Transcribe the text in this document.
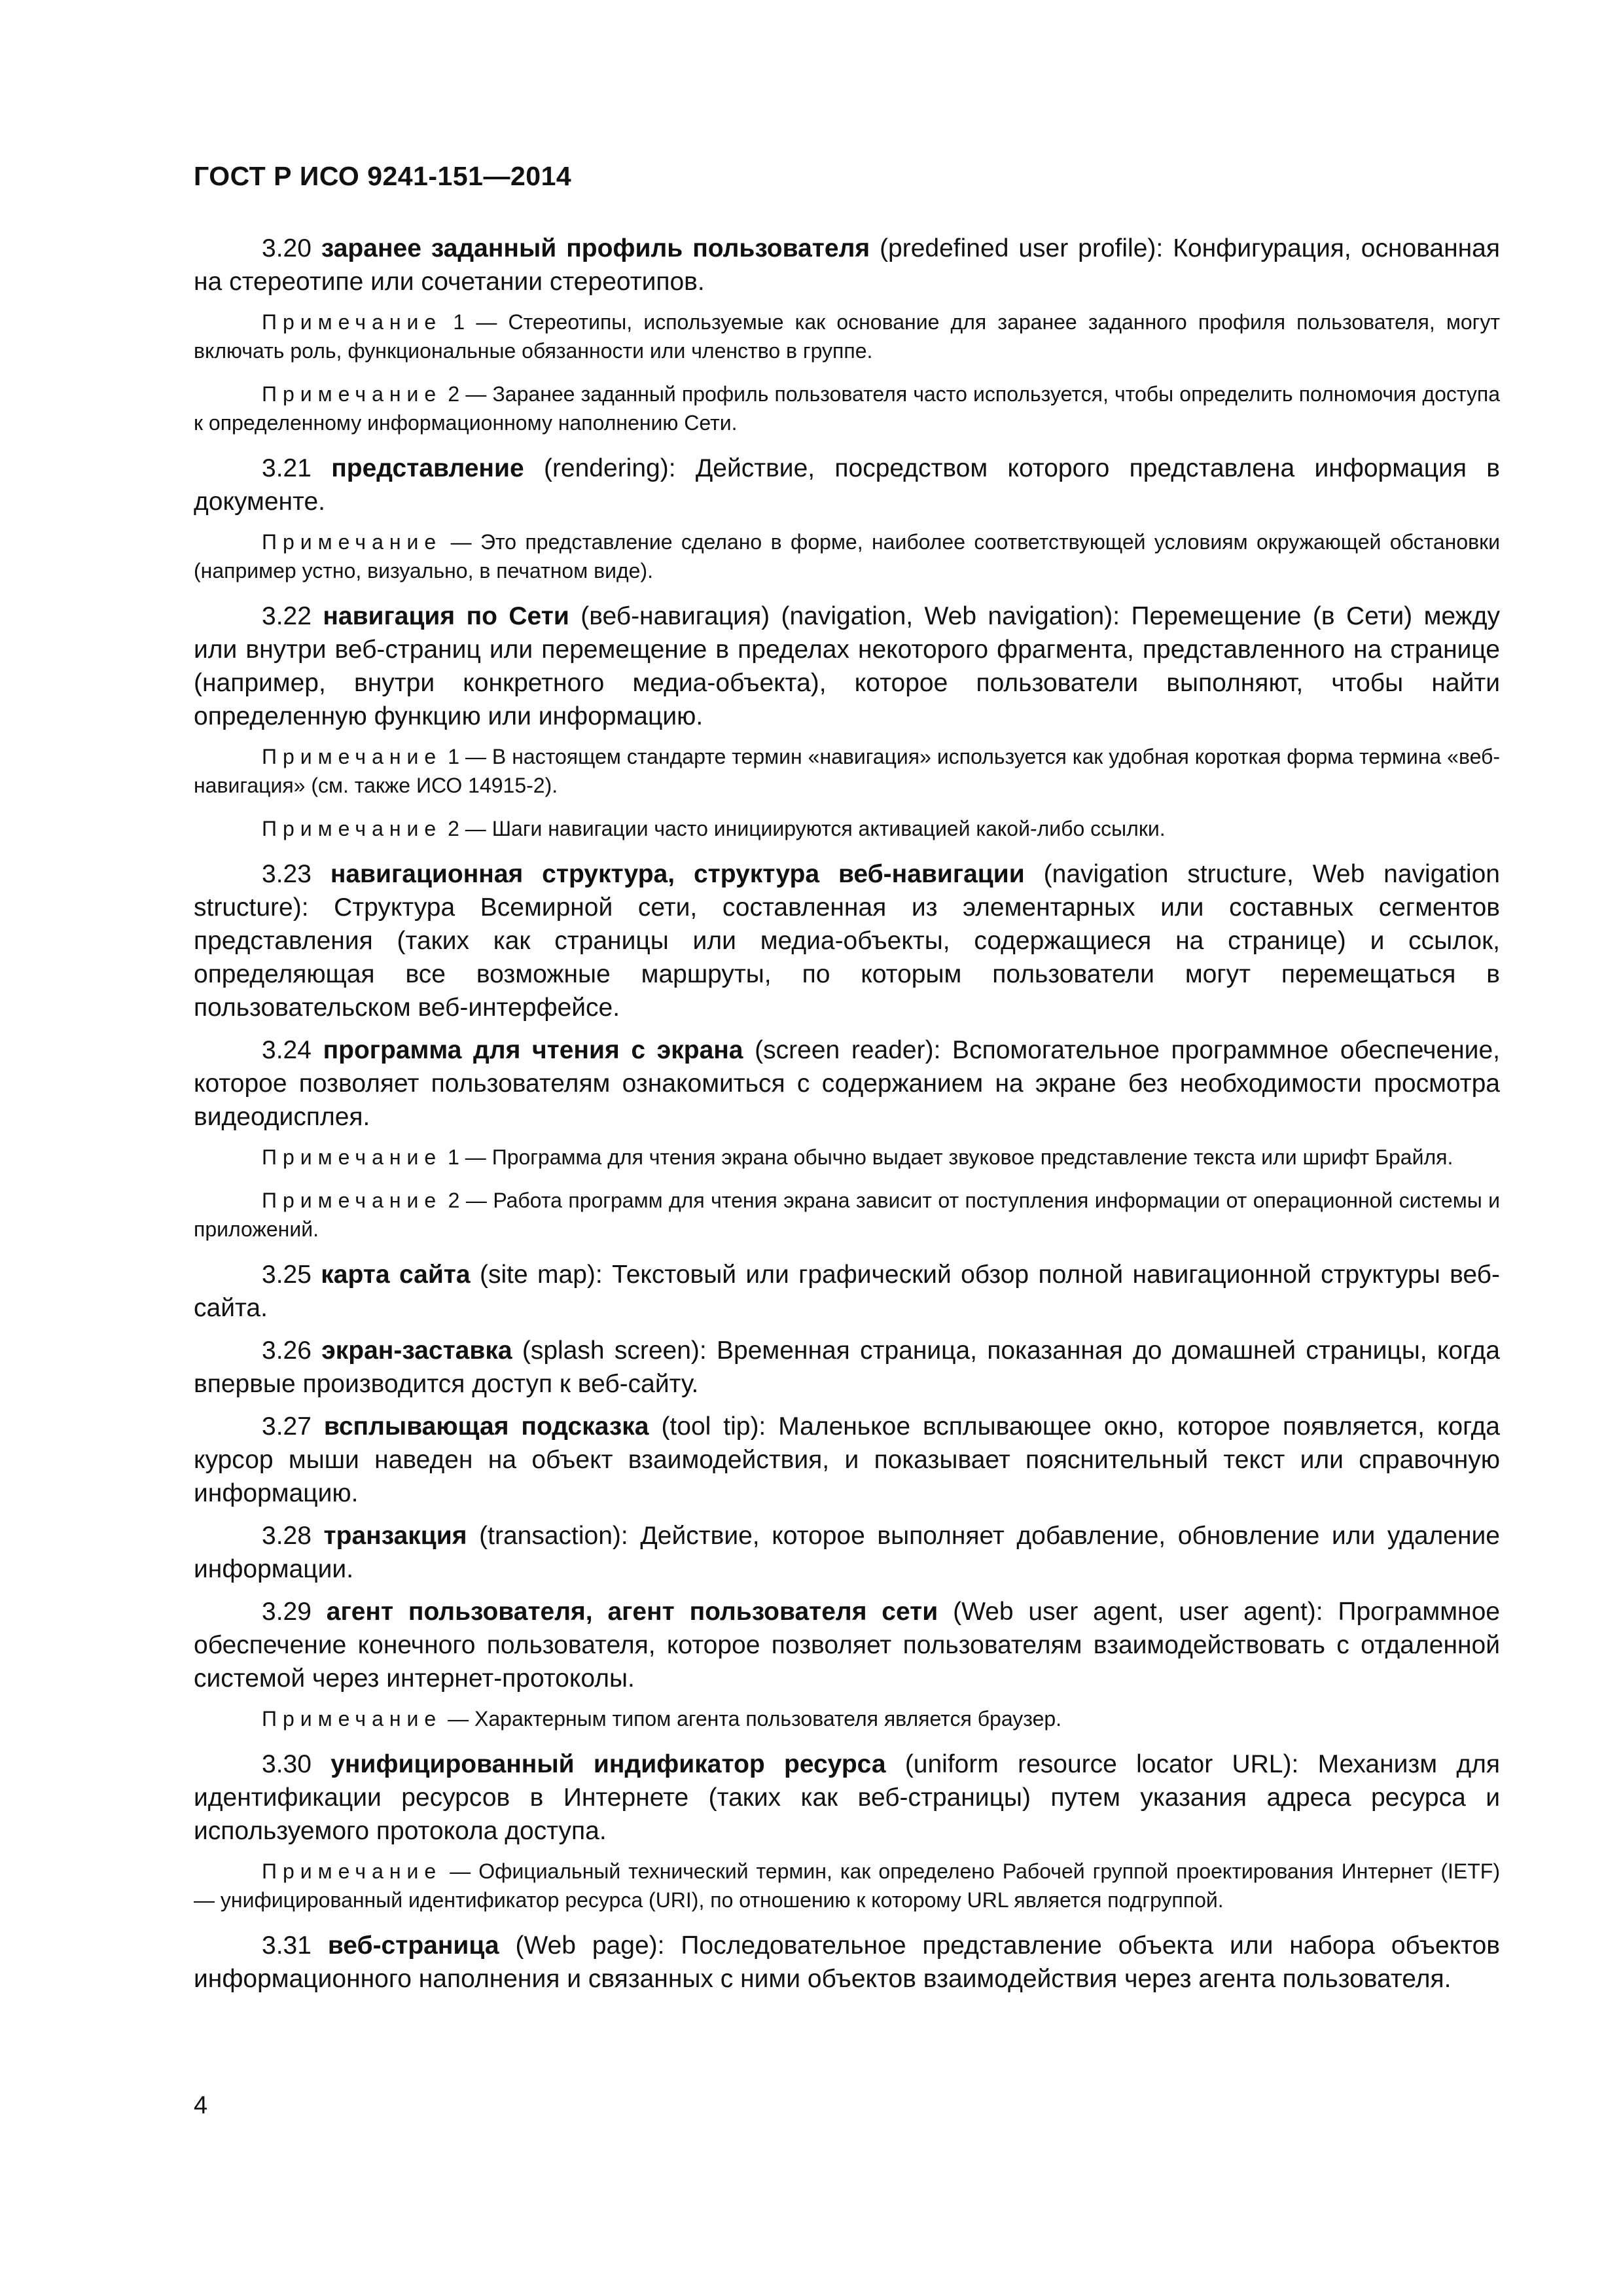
ГОСТ Р ИСО 9241-151—2014

3.20 заранее заданный профиль пользователя (predefined user profile): Конфигурация, основанная на стереотипе или сочетании стереотипов.

Примечание 1 — Стереотипы, используемые как основание для заранее заданного профиля пользователя, могут включать роль, функциональные обязанности или членство в группе.

Примечание 2 — Заранее заданный профиль пользователя часто используется, чтобы определить полномочия доступа к определенному информационному наполнению Сети.

3.21 представление (rendering): Действие, посредством которого представлена информация в документе.

Примечание — Это представление сделано в форме, наиболее соответствующей условиям окружающей обстановки (например устно, визуально, в печатном виде).

3.22 навигация по Сети (веб-навигация) (navigation, Web navigation): Перемещение (в Сети) между или внутри веб-страниц или перемещение в пределах некоторого фрагмента, представленного на странице (например, внутри конкретного медиа-объекта), которое пользователи выполняют, чтобы найти определенную функцию или информацию.

Примечание 1 — В настоящем стандарте термин «навигация» используется как удобная короткая форма термина «веб-навигация» (см. также ИСО 14915-2).

Примечание 2 — Шаги навигации часто инициируются активацией какой-либо ссылки.

3.23 навигационная структура, структура веб-навигации (navigation structure, Web navigation structure): Структура Всемирной сети, составленная из элементарных или составных сегментов представления (таких как страницы или медиа-объекты, содержащиеся на странице) и ссылок, определяющая все возможные маршруты, по которым пользователи могут перемещаться в пользовательском веб-интерфейсе.

3.24 программа для чтения с экрана (screen reader): Вспомогательное программное обеспечение, которое позволяет пользователям ознакомиться с содержанием на экране без необходимости просмотра видеодисплея.

Примечание 1 — Программа для чтения экрана обычно выдает звуковое представление текста или шрифт Брайля.

Примечание 2 — Работа программ для чтения экрана зависит от поступления информации от операционной системы и приложений.

3.25 карта сайта (site map): Текстовый или графический обзор полной навигационной структуры веб-сайта.

3.26 экран-заставка (splash screen): Временная страница, показанная до домашней страницы, когда впервые производится доступ к веб-сайту.

3.27 всплывающая подсказка (tool tip): Маленькое всплывающее окно, которое появляется, когда курсор мыши наведен на объект взаимодействия, и показывает пояснительный текст или справочную информацию.

3.28 транзакция (transaction): Действие, которое выполняет добавление, обновление или удаление информации.

3.29 агент пользователя, агент пользователя сети (Web user agent, user agent): Программное обеспечение конечного пользователя, которое позволяет пользователям взаимодействовать с отдаленной системой через интернет-протоколы.

Примечание — Характерным типом агента пользователя является браузер.

3.30 унифицированный индификатор ресурса (uniform resource locator URL): Механизм для идентификации ресурсов в Интернете (таких как веб-страницы) путем указания адреса ресурса и используемого протокола доступа.

Примечание — Официальный технический термин, как определено Рабочей группой проектирования Интернет (IETF) — унифицированный идентификатор ресурса (URI), по отношению к которому URL является подгруппой.

3.31 веб-страница (Web page): Последовательное представление объекта или набора объектов информационного наполнения и связанных с ними объектов взаимодействия через агента пользователя.

4
